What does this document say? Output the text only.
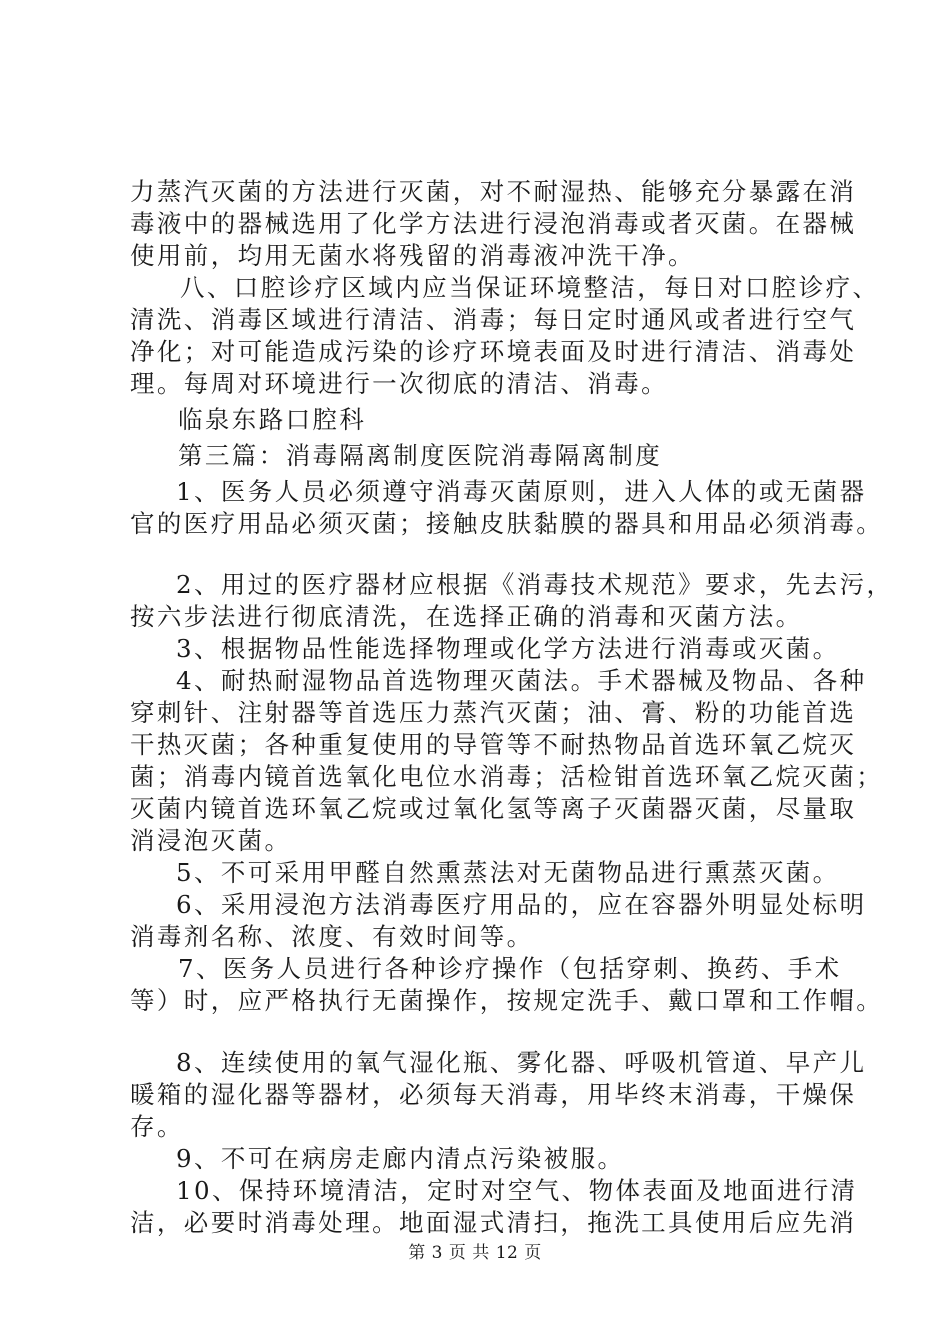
力蒸汽灭菌的方法进行灭菌，对不耐湿热、能够充分暴露在消
毒液中的器械选用了化学方法进行浸泡消毒或者灭菌。在器械
使用前，均用无菌水将残留的消毒液冲洗干净。
八、口腔诊疗区域内应当保证环境整洁，每日对口腔诊疗、
清洗、消毒区域进行清洁、消毒；每日定时通风或者进行空气
净化；对可能造成污染的诊疗环境表面及时进行清洁、消毒处
理。每周对环境进行一次彻底的清洁、消毒。
临泉东路口腔科
第三篇：消毒隔离制度医院消毒隔离制度
1、医务人员必须遵守消毒灭菌原则，进入人体的或无菌器
官的医疗用品必须灭菌；接触皮肤黏膜的器具和用品必须消毒。
2、用过的医疗器材应根据《消毒技术规范》要求，先去污，
按六步法进行彻底清洗，在选择正确的消毒和灭菌方法。
3、根据物品性能选择物理或化学方法进行消毒或灭菌。
4、耐热耐湿物品首选物理灭菌法。手术器械及物品、各种
穿刺针、注射器等首选压力蒸汽灭菌；油、膏、粉的功能首选
干热灭菌；各种重复使用的导管等不耐热物品首选环氧乙烷灭
菌；消毒内镜首选氧化电位水消毒；活检钳首选环氧乙烷灭菌；
灭菌内镜首选环氧乙烷或过氧化氢等离子灭菌器灭菌，尽量取
消浸泡灭菌。
5、不可采用甲醛自然熏蒸法对无菌物品进行熏蒸灭菌。
6、采用浸泡方法消毒医疗用品的，应在容器外明显处标明
消毒剂名称、浓度、有效时间等。
7、医务人员进行各种诊疗操作（包括穿刺、换药、手术
等）时，应严格执行无菌操作，按规定洗手、戴口罩和工作帽。
8、连续使用的氧气湿化瓶、雾化器、呼吸机管道、早产儿
暖箱的湿化器等器材，必须每天消毒，用毕终末消毒，干燥保
存。
9、不可在病房走廊内清点污染被服。
10、保持环境清洁，定时对空气、物体表面及地面进行清
洁，必要时消毒处理。地面湿式清扫，拖洗工具使用后应先消
第 3 页 共 12 页
